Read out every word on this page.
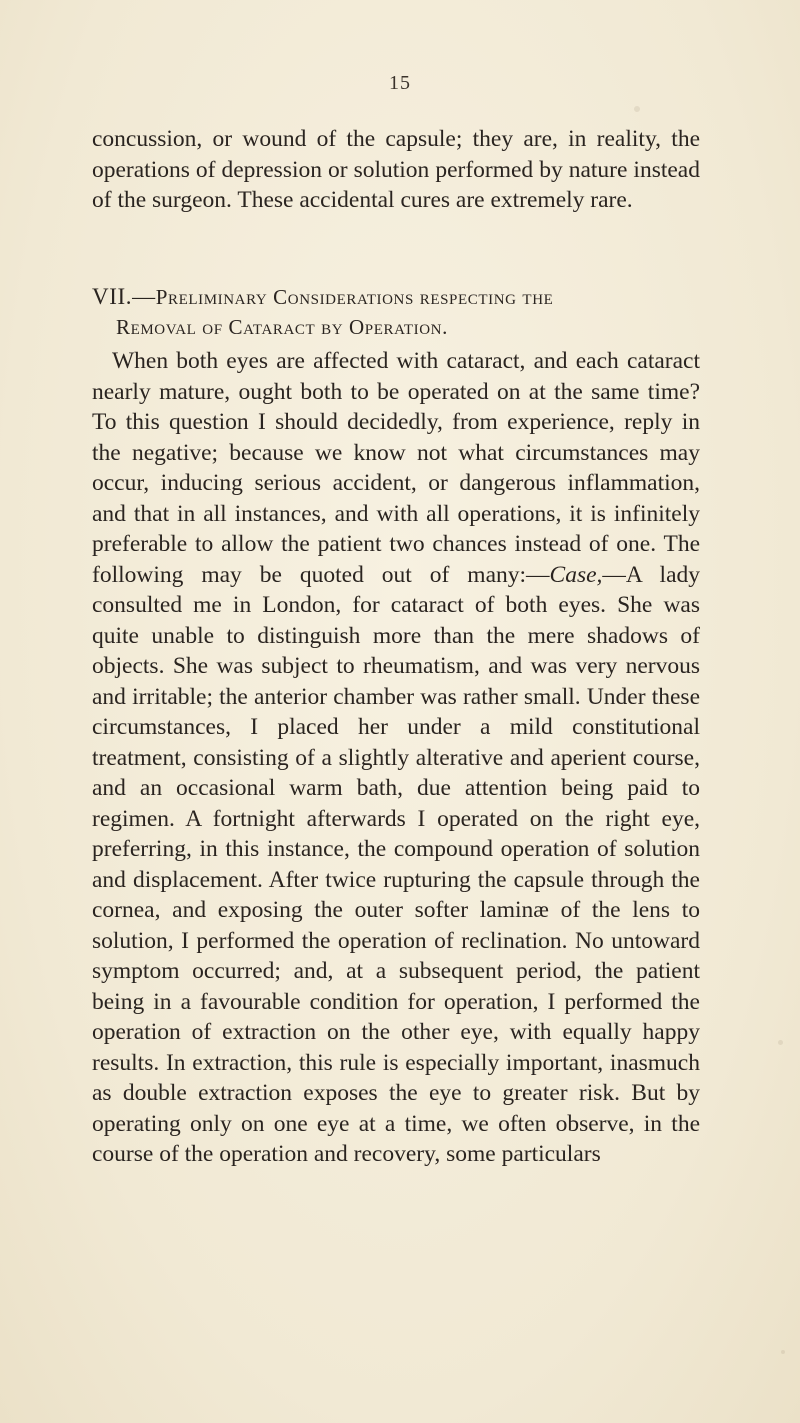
15

concussion, or wound of the capsule; they are, in reality, the operations of depression or solution performed by nature instead of the surgeon. These accidental cures are extremely rare.

VII.—Preliminary Considerations respecting the
Removal of Cataract by Operation.

When both eyes are affected with cataract, and each cataract nearly mature, ought both to be operated on at the same time? To this question I should decidedly, from experience, reply in the negative; because we know not what circumstances may occur, inducing serious accident, or dangerous inflammation, and that in all instances, and with all operations, it is infinitely preferable to allow the patient two chances instead of one. The following may be quoted out of many:—Case,—A lady consulted me in London, for cataract of both eyes. She was quite unable to distinguish more than the mere shadows of objects. She was subject to rheumatism, and was very nervous and irritable; the anterior chamber was rather small. Under these circumstances, I placed her under a mild constitutional treatment, consisting of a slightly alterative and aperient course, and an occasional warm bath, due attention being paid to regimen. A fortnight afterwards I operated on the right eye, preferring, in this instance, the compound operation of solution and displacement. After twice rupturing the capsule through the cornea, and exposing the outer softer laminæ of the lens to solution, I performed the operation of reclination. No untoward symptom occurred; and, at a subsequent period, the patient being in a favourable condition for operation, I performed the operation of extraction on the other eye, with equally happy results. In extraction, this rule is especially important, inasmuch as double extraction exposes the eye to greater risk. But by operating only on one eye at a time, we often observe, in the course of the operation and recovery, some particulars
